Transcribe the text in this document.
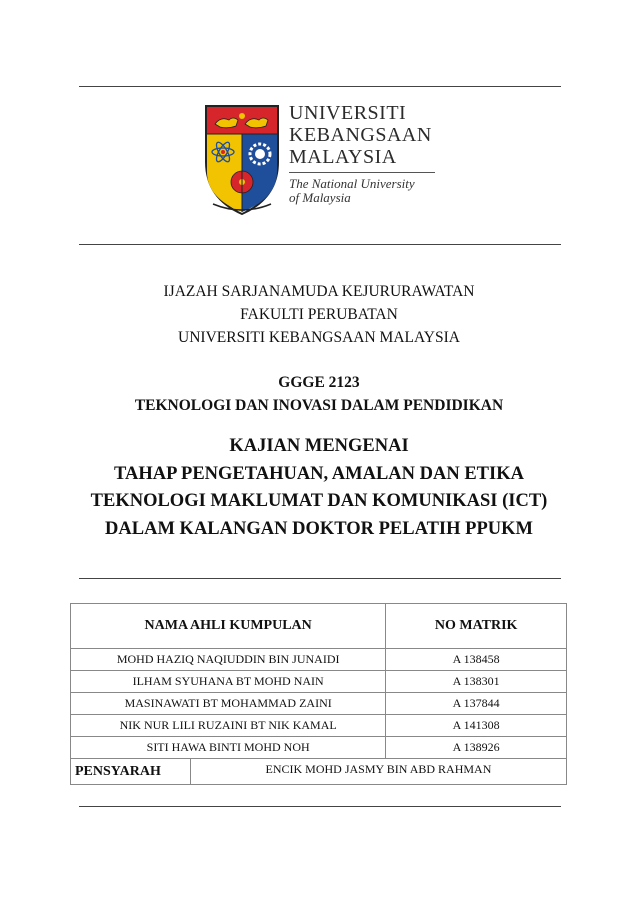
UNIVERSITI
KEBANGSAAN
MALAYSIA
The National University
of Malaysia
IJAZAH SARJANAMUDA KEJURURAWATAN
FAKULTI PERUBATAN
UNIVERSITI KEBANGSAAN MALAYSIA
GGGE 2123
TEKNOLOGI DAN INOVASI DALAM PENDIDIKAN
KAJIAN MENGENAI
TAHAP PENGETAHUAN, AMALAN DAN ETIKA
TEKNOLOGI MAKLUMAT DAN KOMUNIKASI (ICT)
DALAM KALANGAN DOKTOR PELATIH PPUKM
NAMA AHLI KUMPULAN		NO MATRIK
MOHD HAZIQ NAQIUDDIN BIN JUNAIDI		A 138458
ILHAM SYUHANA BT MOHD NAIN		A 138301
MASINAWATI BT MOHAMMAD ZAINI		A 137844
NIK NUR LILI RUZAINI BT NIK KAMAL		A 141308
SITI HAWA BINTI MOHD NOH		A 138926
PENSYARAH	ENCIK MOHD JASMY BIN ABD RAHMAN	
